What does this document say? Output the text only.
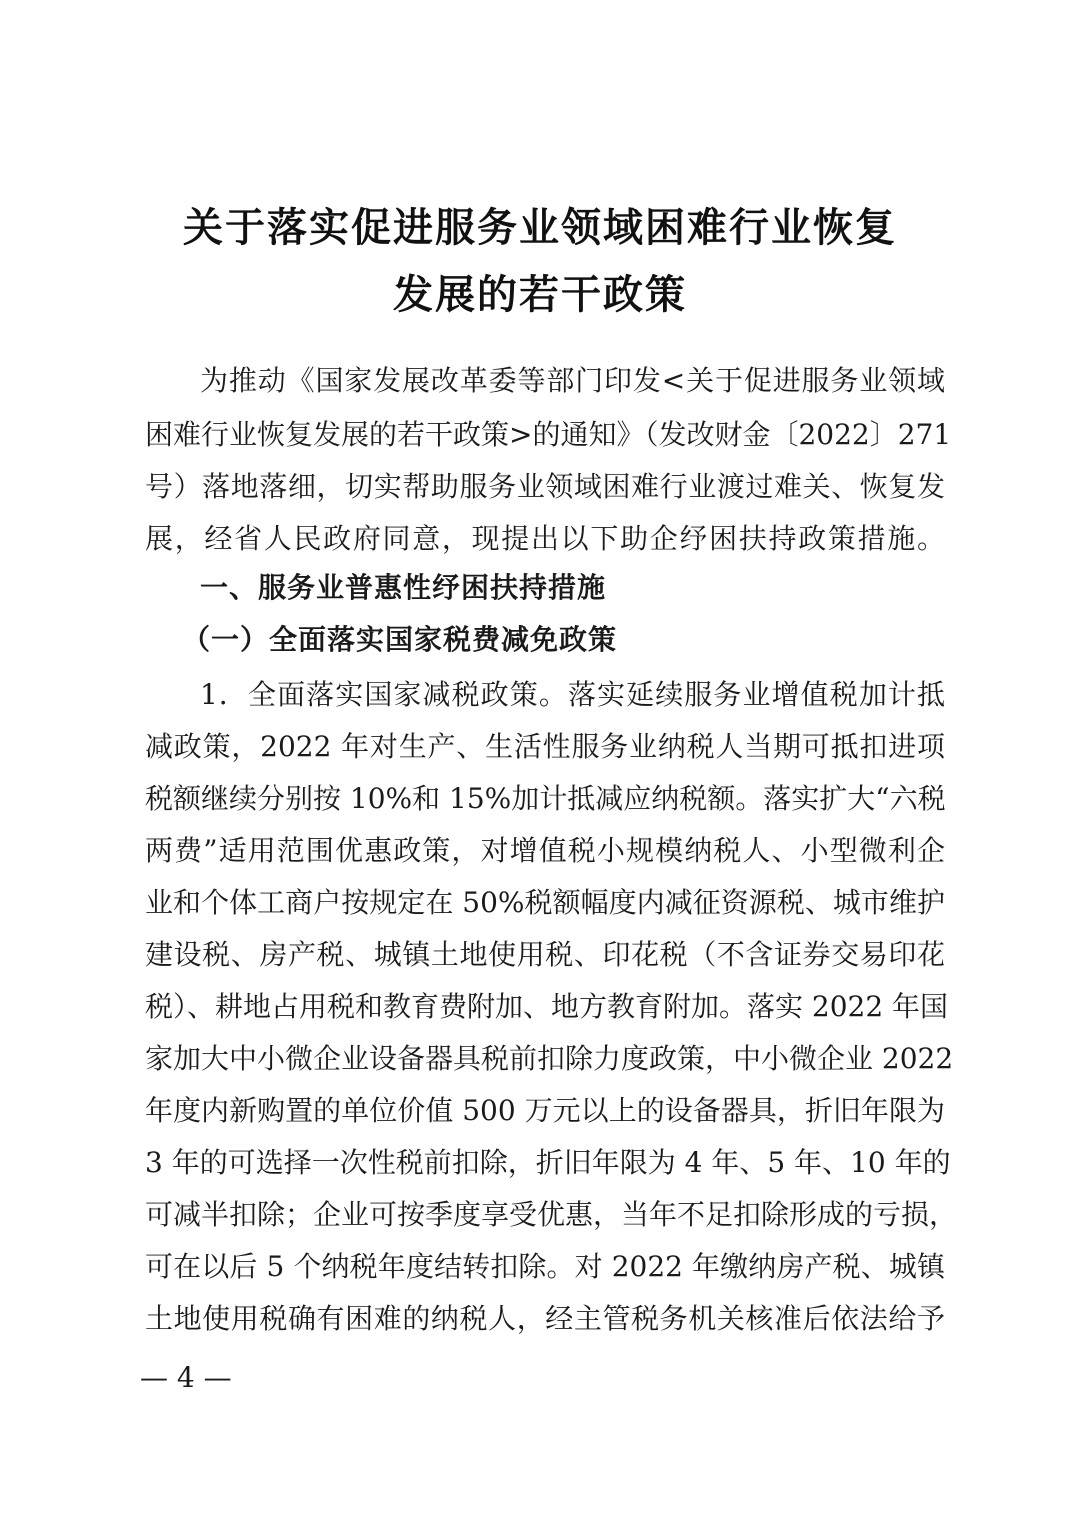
关于落实促进服务业领域困难行业恢复
发展的若干政策
为推动《国家发展改革委等部门印发<关于促进服务业领域
困难行业恢复发展的若干政策>的通知》（发改财金〔2022〕271
号）落地落细，切实帮助服务业领域困难行业渡过难关、恢复发
展，经省人民政府同意，现提出以下助企纾困扶持政策措施。
一、服务业普惠性纾困扶持措施
（一）全面落实国家税费减免政策
1．全面落实国家减税政策。落实延续服务业增值税加计抵
减政策，2022 年对生产、生活性服务业纳税人当期可抵扣进项
税额继续分别按 10%和 15%加计抵减应纳税额。落实扩大“六税
两费”适用范围优惠政策，对增值税小规模纳税人、小型微利企
业和个体工商户按规定在 50%税额幅度内减征资源税、城市维护
建设税、房产税、城镇土地使用税、印花税（不含证券交易印花
税）、耕地占用税和教育费附加、地方教育附加。落实 2022 年国
家加大中小微企业设备器具税前扣除力度政策，中小微企业 2022
年度内新购置的单位价值 500 万元以上的设备器具，折旧年限为
3 年的可选择一次性税前扣除，折旧年限为 4 年、5 年、10 年的
可减半扣除；企业可按季度享受优惠，当年不足扣除形成的亏损，
可在以后 5 个纳税年度结转扣除。对 2022 年缴纳房产税、城镇
土地使用税确有困难的纳税人，经主管税务机关核准后依法给予
— 4 —
